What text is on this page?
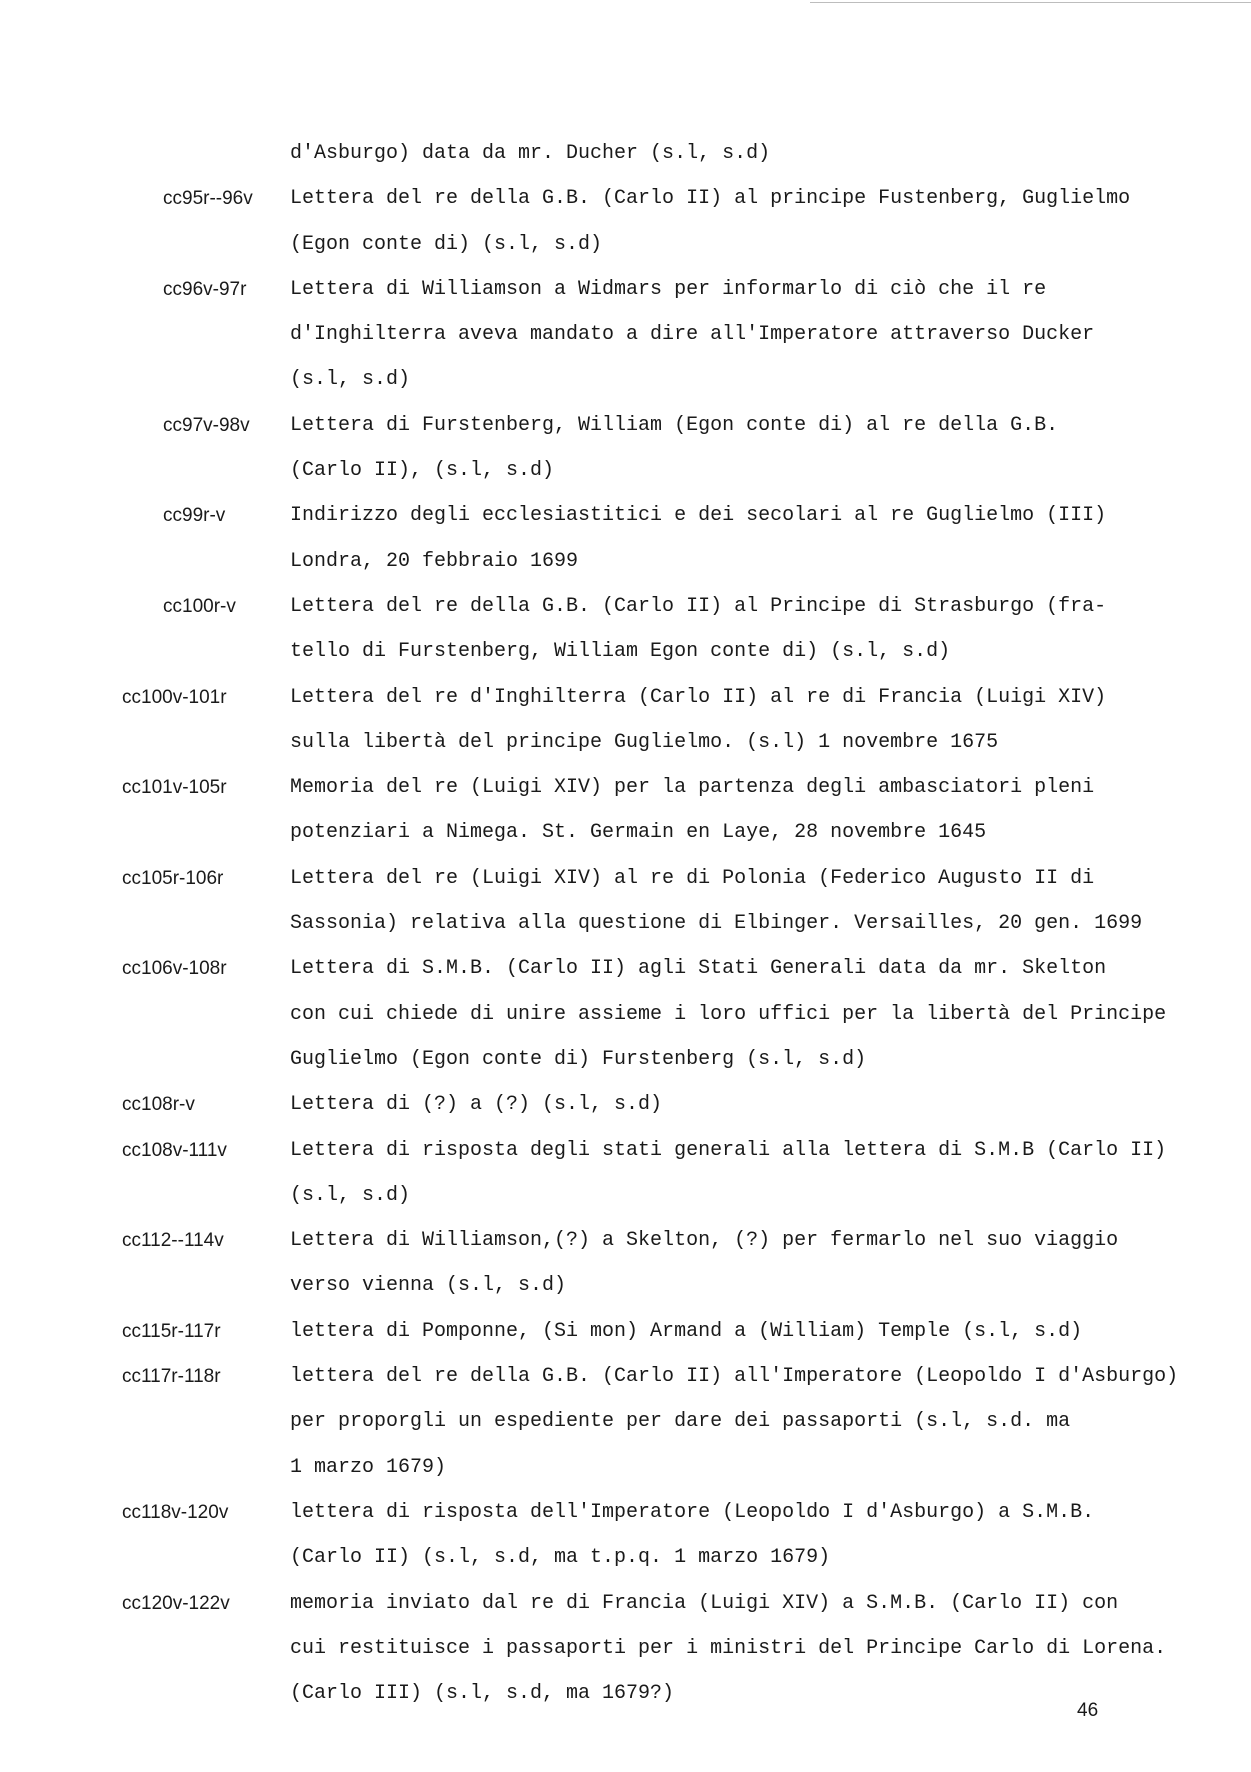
d'Asburgo) data da mr. Ducher (s.l, s.d)

cc95r--96v	Lettera del re della G.B. (Carlo II) al principe Fustenberg, Guglielmo
(Egon conte di) (s.l, s.d)

cc96v-97r	Lettera di Williamson a Widmars per informarlo di ciò che il re
d'Inghilterra aveva mandato a dire all'Imperatore attraverso Ducker
(s.l, s.d)

cc97v-98v	Lettera di Furstenberg, William (Egon conte di) al re della G.B.
(Carlo II), (s.l, s.d)

cc99r-v	Indirizzo degli ecclesiastitici e dei secolari al re Guglielmo (III)
Londra, 20 febbraio 1699

cc100r-v	Lettera del re della G.B. (Carlo II) al Principe di Strasburgo (fra-
tello di Furstenberg, William Egon conte di) (s.l, s.d)

cc100v-101r	Lettera del re d'Inghilterra (Carlo II) al re di Francia (Luigi XIV)
sulla libertà del principe Guglielmo. (s.l) 1 novembre 1675

cc101v-105r	Memoria del re (Luigi XIV) per la partenza degli ambasciatori pleni
potenziari a Nimega. St. Germain en Laye, 28 novembre 1645

cc105r-106r	Lettera del re (Luigi XIV) al re di Polonia (Federico Augusto II di
Sassonia) relativa alla questione di Elbinger. Versailles, 20 gen. 1699

cc106v-108r	Lettera di S.M.B. (Carlo II) agli Stati Generali data da mr. Skelton
con cui chiede di unire assieme i loro uffici per la libertà del Principe
Guglielmo (Egon conte di) Furstenberg (s.l, s.d)

cc108r-v	Lettera di (?) a (?) (s.l, s.d)

cc108v-111v	Lettera di risposta degli stati generali alla lettera di S.M.B (Carlo II)
(s.l, s.d)

cc112--114v	Lettera di Williamson,(?) a Skelton, (?) per fermarlo nel suo viaggio
verso vienna (s.l, s.d)

cc115r-117r	lettera di Pomponne, (Si mon) Armand a (William) Temple (s.l, s.d)

cc117r-118r	lettera del re della G.B. (Carlo II) all'Imperatore (Leopoldo I d'Asburgo)
per proporgli un espediente per dare dei passaporti (s.l, s.d. ma
1 marzo 1679)

cc118v-120v	lettera di risposta dell'Imperatore (Leopoldo I d'Asburgo) a S.M.B.
(Carlo II) (s.l, s.d, ma t.p.q. 1 marzo 1679)

cc120v-122v	memoria inviato dal re di Francia (Luigi XIV) a S.M.B. (Carlo II) con
cui restituisce i passaporti per i ministri del Principe Carlo di Lorena.
(Carlo III) (s.l, s.d, ma 1679?)

46
